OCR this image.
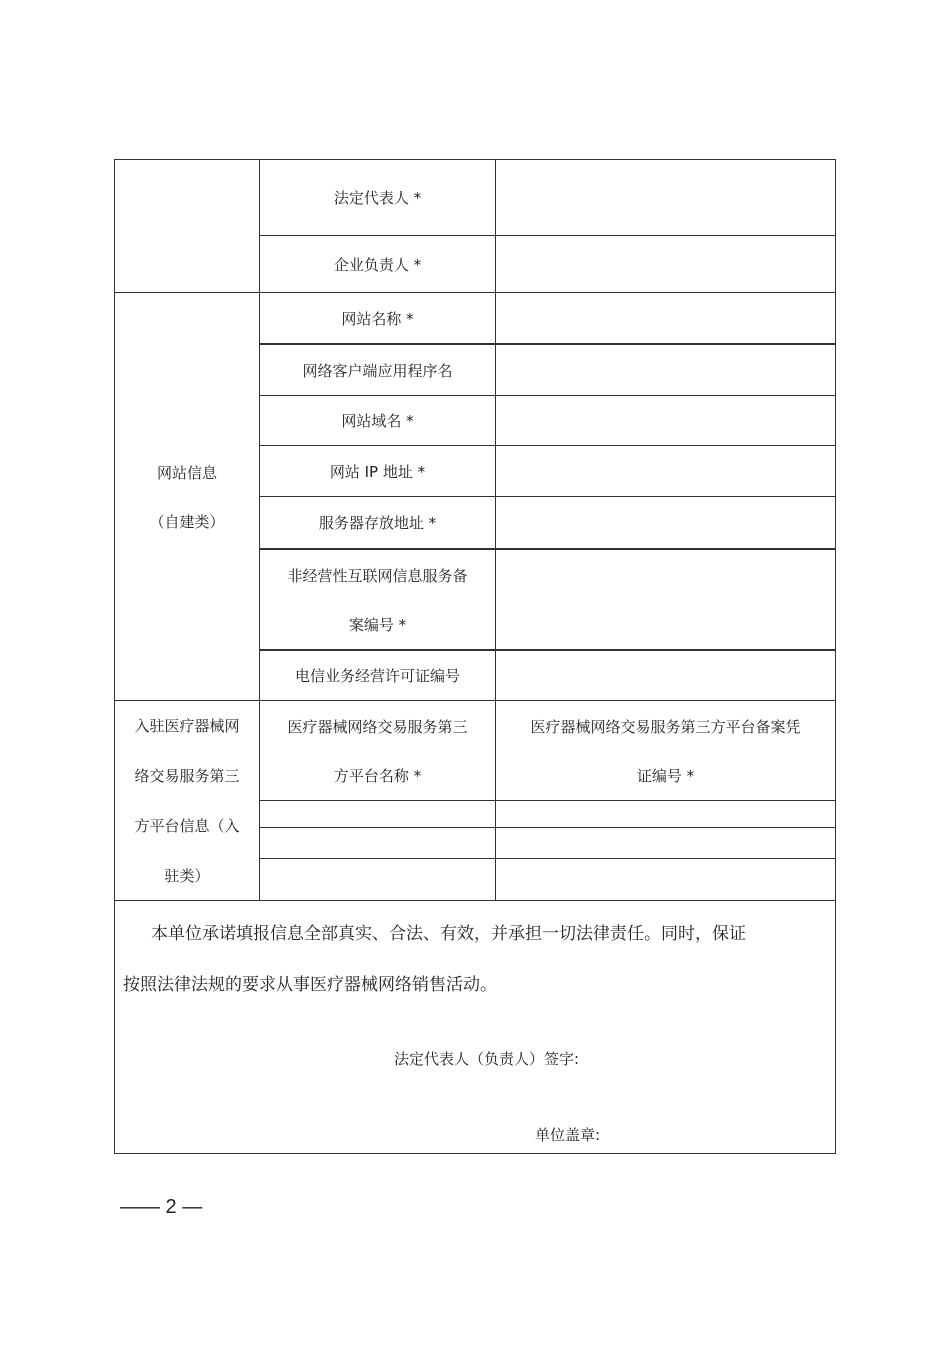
法定代表人 *
企业负责人 *
网站名称 *
网络客户端应用程序名
网站域名 *
网站 IP 地址 *
服务器存放地址 *
非经营性互联网信息服务备
案编号 *
电信业务经营许可证编号
网站信息
（自建类）
入驻医疗器械网
络交易服务第三
方平台信息（入
驻类）
医疗器械网络交易服务第三
方平台名称 *
医疗器械网络交易服务第三方平台备案凭
证编号 *
本单位承诺填报信息全部真实、合法、有效，并承担一切法律责任。同时，保证
按照法律法规的要求从事医疗器械网络销售活动。
法定代表人（负责人）签字:
单位盖章:
—— 2 —
